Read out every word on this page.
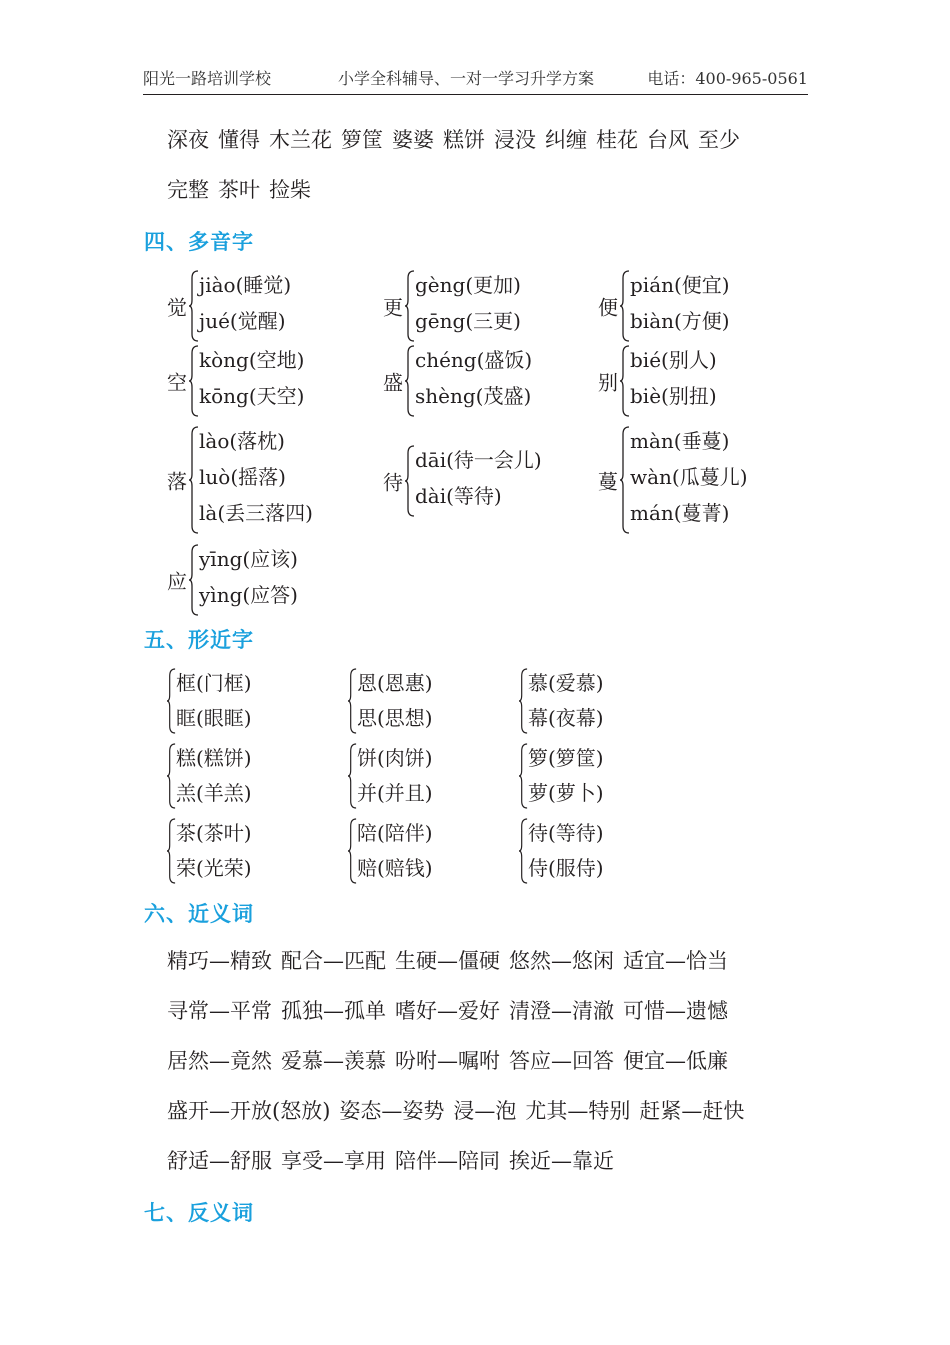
阳光一路培训学校	小学全科辅导、一对一学习升学方案	电话：400-965-0561
深夜 懂得 木兰花 箩筐 婆婆 糕饼 浸没 纠缠 桂花 台风 至少
完整 茶叶 捡柴
四、多音字
觉
jiào(睡觉)
jué(觉醒)
更
gèng(更加)
gēng(三更)
便
pián(便宜)
biàn(方便)
空
kòng(空地)
kōng(天空)
盛
chéng(盛饭)
shèng(茂盛)
别
bié(别人)
biè(别扭)
落
lào(落枕)
luò(摇落)
là(丢三落四)
待
dāi(待一会儿)
dài(等待)
蔓
màn(垂蔓)
wàn(瓜蔓儿)
mán(蔓菁)
应
yīng(应该)
yìng(应答)
五、形近字
框(门框)
眶(眼眶)
恩(恩惠)
思(思想)
慕(爱慕)
幕(夜幕)
糕(糕饼)
羔(羊羔)
饼(肉饼)
并(并且)
箩(箩筐)
萝(萝卜)
茶(茶叶)
荣(光荣)
陪(陪伴)
赔(赔钱)
待(等待)
侍(服侍)
六、近义词
精巧—精致 配合—匹配 生硬—僵硬 悠然—悠闲 适宜—恰当
寻常—平常 孤独—孤单 嗜好—爱好 清澄—清澈 可惜—遗憾
居然—竟然 爱慕—羡慕 吩咐—嘱咐 答应—回答 便宜—低廉
盛开—开放(怒放) 姿态—姿势 浸—泡 尤其—特别 赶紧—赶快
舒适—舒服 享受—享用 陪伴—陪同 挨近—靠近
七、反义词
